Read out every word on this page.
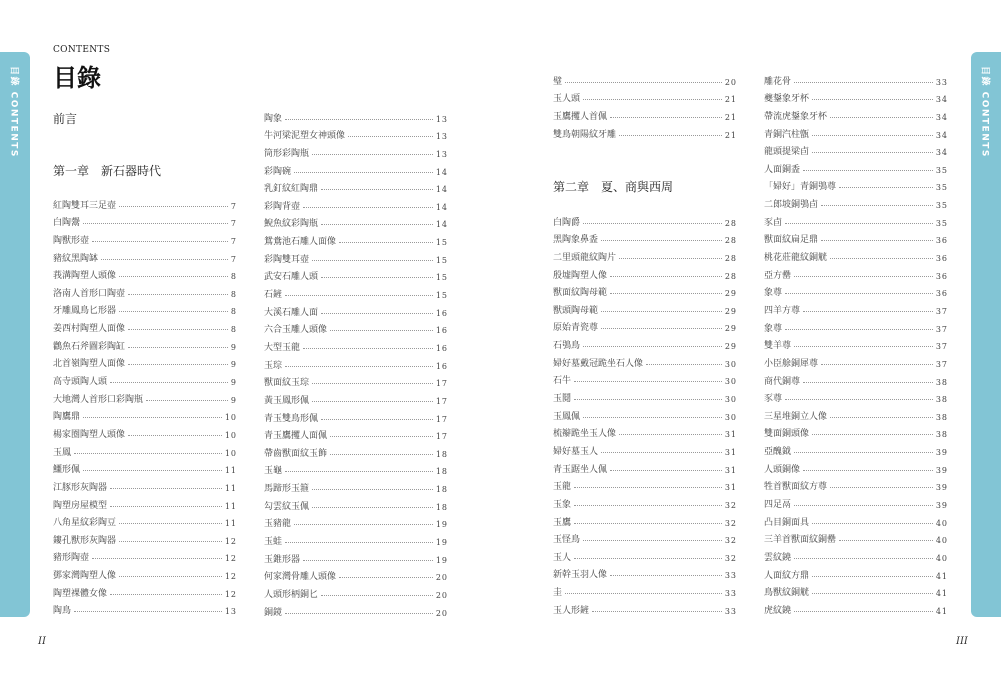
目錄 CONTENTS	目錄 CONTENTS
CONTENTS
目錄
前言
第一章　新石器時代
第二章　夏、商與西周
紅陶雙耳三足壺	7
白陶鬶	7
陶獸形壺	7
豬紋黑陶缽	7
莪溝陶塑人頭像	8
洛南人首形口陶壺	8
牙雕鳳鳥匕形器	8
姜西村陶塑人面像	8
鸛魚石斧圖彩陶缸	9
北首嶺陶塑人面像	9
高寺頭陶人頭	9
大地灣人首形口彩陶瓶	9
陶鷹鼎	10
楊家圈陶塑人頭像	10
玉鳳	10
鱷形佩	11
江豚形灰陶器	11
陶塑房屋模型	11
八角星紋彩陶豆	11
鏤孔獸形灰陶器	12
豬形陶壺	12
鄧家灣陶塑人像	12
陶塑裸體女像	12
陶鳥	13
陶象	13
牛河梁泥塑女神頭像	13
筒形彩陶瓶	13
彩陶碗	14
乳釘紋紅陶鼎	14
彩陶背壺	14
鯢魚紋彩陶瓶	14
鴛鴦池石雕人面像	15
彩陶雙耳壺	15
武安石雕人頭	15
石鏟	15
大溪石雕人面	16
六合玉雕人頭像	16
大型玉龍	16
玉琮	16
獸面紋玉琮	17
黃玉鳳形佩	17
青玉雙鳥形佩	17
青玉鷹攫人面佩	17
帶齒獸面紋玉飾	18
玉龜	18
馬蹄形玉箍	18
勾雲紋玉佩	18
玉豬龍	19
玉蛙	19
玉錐形器	19
何家灣骨雕人頭像	20
人頭形柄銅匕	20
銅鏡	20
璧	20
玉人頭	21
玉鷹攫人首佩	21
雙鳥朝陽紋牙雕	21
白陶爵	28
黑陶象鼻盉	28
二里頭龍紋陶片	28
殷墟陶塑人像	28
獸面紋陶母範	29
獸頭陶母範	29
原始青瓷尊	29
石鴞鳥	29
婦好墓戴冠跪坐石人像	30
石牛	30
玉鬩	30
玉鳳佩	30
梳辮跪坐玉人像	31
婦好墓玉人	31
青玉踞坐人佩	31
玉龍	31
玉象	32
玉鷹	32
玉怪鳥	32
玉人	32
新幹玉羽人像	33
圭	33
玉人形鏟	33
雕花骨	33
夔鋬象牙杯	34
帶流虎鋬象牙杯	34
青銅汽柱甑	34
龍頭提梁卣	34
人面銅盉	35
「婦好」青銅鴞尊	35
二郎坡銅鴞卣	35
豕卣	35
獸面紋扁足鼎	36
桃花莊龍紋銅觥	36
亞方罍	36
象尊	36
四羊方尊	37
象尊	37
雙羊尊	37
小臣艅銅犀尊	37
商代銅尊	38
豕尊	38
三星堆銅立人像	38
雙面銅頭像	38
亞醜鉞	39
人頭銅像	39
牲首獸面紋方尊	39
四足鬲	39
凸目銅面具	40
三羊首獸面紋銅罍	40
雲紋鐃	40
人面紋方鼎	41
鳥獸紋銅觥	41
虎紋鐃	41
II	III
